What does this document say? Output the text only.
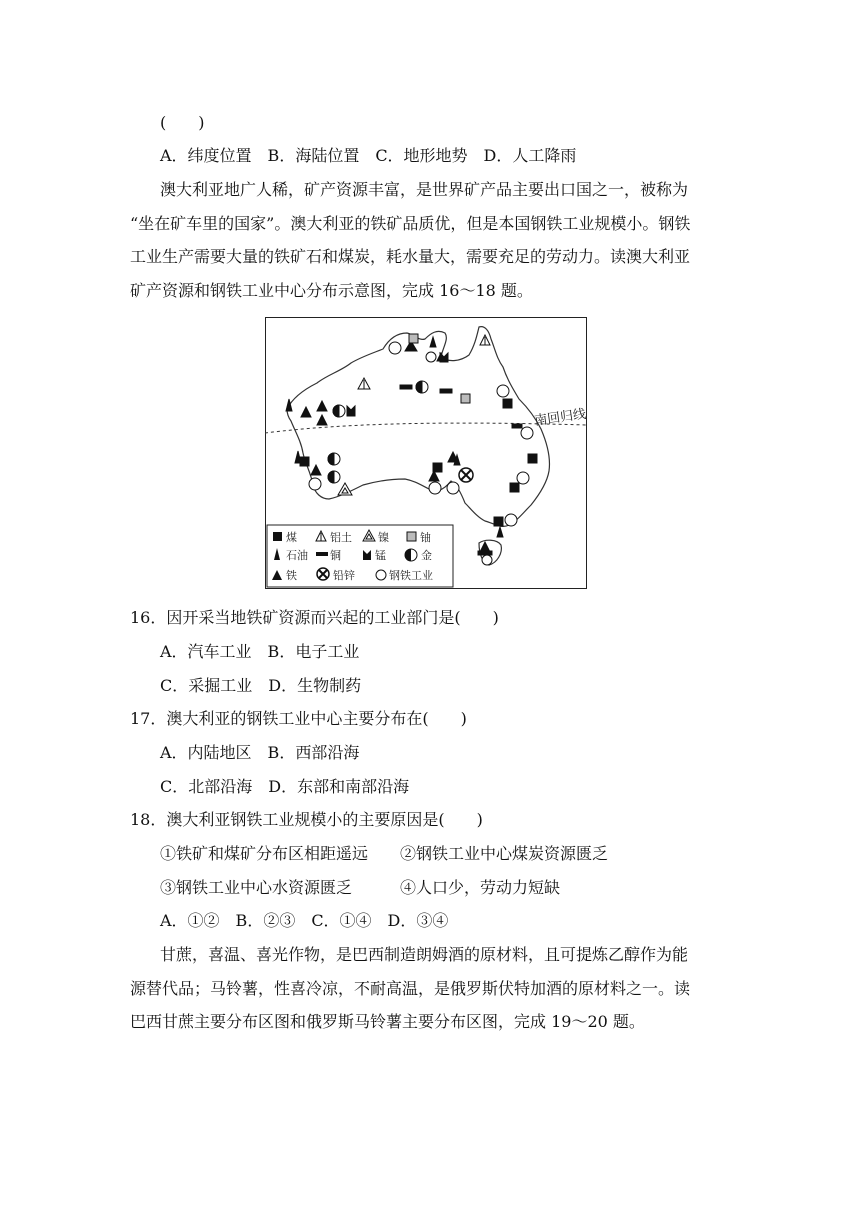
(　　)
A．纬度位置　B．海陆位置　C．地形地势　D．人工降雨
澳大利亚地广人稀，矿产资源丰富，是世界矿产品主要出口国之一，被称为
“坐在矿车里的国家”。澳大利亚的铁矿品质优，但是本国钢铁工业规模小。钢铁
工业生产需要大量的铁矿石和煤炭，耗水量大，需要充足的劳动力。读澳大利亚
矿产资源和钢铁工业中心分布示意图，完成 16～18 题。
南回归线
煤	铝土 镍	铀
石油 铜	锰	金
铁	铅锌	钢铁工业
16．因开采当地铁矿资源而兴起的工业部门是(　　)
A．汽车工业　B．电子工业
C．采掘工业　D．生物制药
17．澳大利亚的钢铁工业中心主要分布在(　　)
A．内陆地区　B．西部沿海
C．北部沿海　D．东部和南部沿海
18．澳大利亚钢铁工业规模小的主要原因是(　　)
①铁矿和煤矿分布区相距遥远　　②钢铁工业中心煤炭资源匮乏
③钢铁工业中心水资源匮乏　　　④人口少，劳动力短缺
A．①②　B．②③　C．①④　D．③④
甘蔗，喜温、喜光作物，是巴西制造朗姆酒的原材料，且可提炼乙醇作为能
源替代品；马铃薯，性喜冷凉，不耐高温，是俄罗斯伏特加酒的原材料之一。读
巴西甘蔗主要分布区图和俄罗斯马铃薯主要分布区图，完成 19～20 题。
